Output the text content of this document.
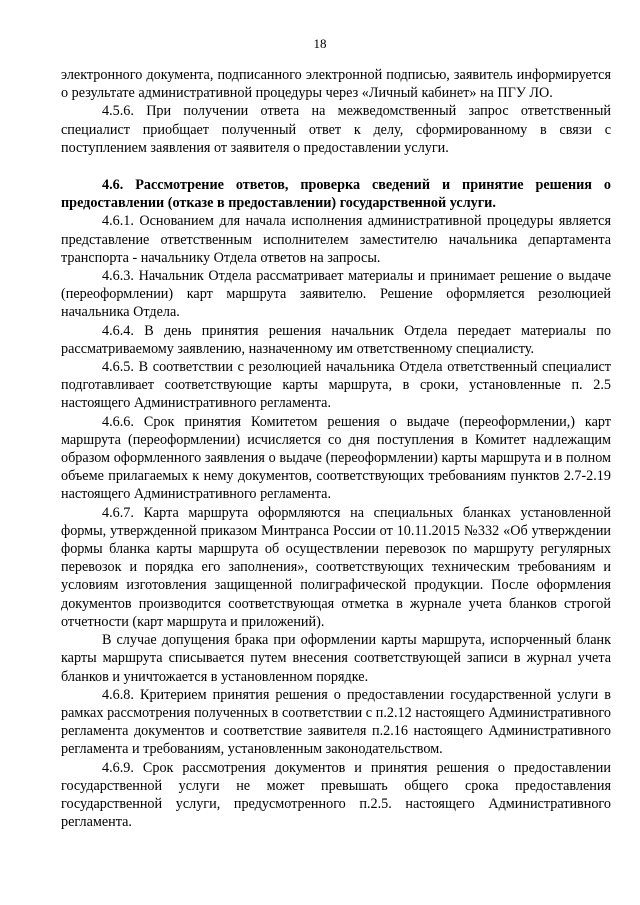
18

электронного документа, подписанного электронной подписью, заявитель информируется о результате административной процедуры через «Личный кабинет» на ПГУ ЛО.

4.5.6. При получении ответа на межведомственный запрос ответственный специалист приобщает полученный ответ к делу, сформированному в связи с поступлением заявления от заявителя о предоставлении услуги.

4.6. Рассмотрение ответов, проверка сведений и принятие решения о предоставлении (отказе в предоставлении) государственной услуги.

4.6.1. Основанием для начала исполнения административной процедуры является представление ответственным исполнителем заместителю начальника департамента транспорта - начальнику Отдела ответов на запросы.

4.6.3. Начальник Отдела рассматривает материалы и принимает решение о выдаче (переоформлении) карт маршрута заявителю. Решение оформляется резолюцией начальника Отдела.

4.6.4. В день принятия решения начальник Отдела передает материалы по рассматриваемому заявлению, назначенному им ответственному специалисту.

4.6.5. В соответствии с резолюцией начальника Отдела ответственный специалист подготавливает соответствующие карты маршрута, в сроки, установленные п. 2.5 настоящего Административного регламента.

4.6.6. Срок принятия Комитетом решения о выдаче (переоформлении,) карт маршрута (переоформлении) исчисляется со дня поступления в Комитет надлежащим образом оформленного заявления о выдаче (переоформлении) карты маршрута и в полном объеме прилагаемых к нему документов, соответствующих требованиям пунктов 2.7-2.19 настоящего Административного регламента.

4.6.7. Карта маршрута оформляются на специальных бланках установленной формы, утвержденной приказом Минтранса России от 10.11.2015 №332 «Об утверждении формы бланка карты маршрута об осуществлении перевозок по маршруту регулярных перевозок и порядка его заполнения», соответствующих техническим требованиям и условиям изготовления защищенной полиграфической продукции. После оформления документов производится соответствующая отметка в журнале учета бланков строгой отчетности (карт маршрута и приложений).

В случае допущения брака при оформлении карты маршрута, испорченный бланк карты маршрута списывается путем внесения соответствующей записи в журнал учета бланков и уничтожается в установленном порядке.

4.6.8. Критерием принятия решения о предоставлении государственной услуги в рамках рассмотрения полученных в соответствии с п.2.12 настоящего Административного регламента документов и соответствие заявителя п.2.16 настоящего Административного регламента и требованиям, установленным законодательством.

4.6.9. Срок рассмотрения документов и принятия решения о предоставлении государственной услуги не может превышать общего срока предоставления государственной услуги, предусмотренного п.2.5. настоящего Административного регламента.
